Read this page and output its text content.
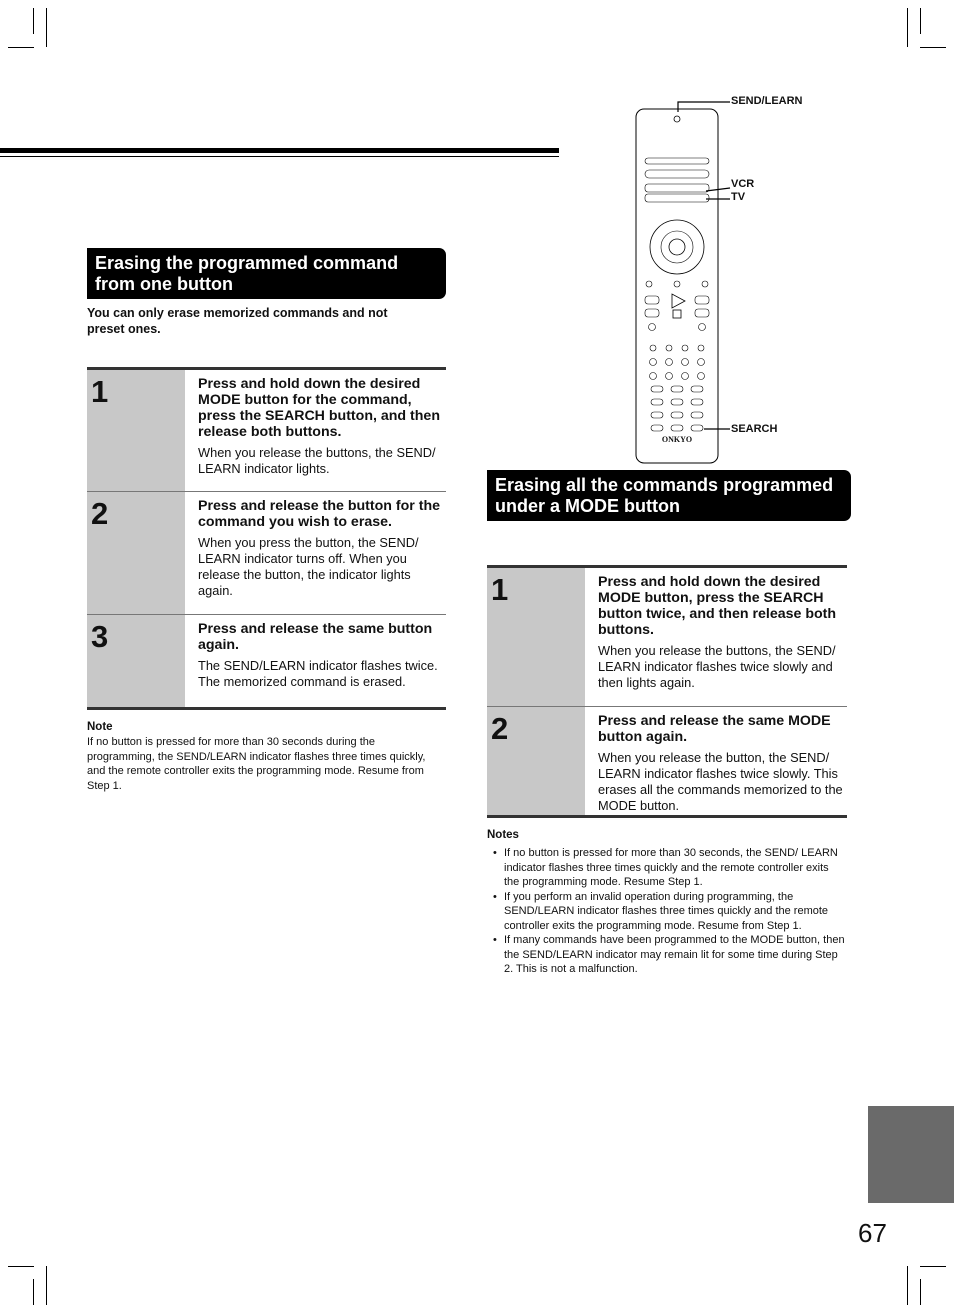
Erasing the programmed command from one button
You can only erase memorized commands and not preset ones.
1	Press and hold down the desired MODE button for the command, press the SEARCH button, and then release both buttons.
When you release the buttons, the SEND/ LEARN indicator lights.
2	Press and release the button for the command you wish to erase.
When you press the button, the SEND/ LEARN indicator turns off. When you release the button, the indicator lights again.
3	Press and release the same button again.
The SEND/LEARN indicator flashes twice. The memorized command is erased.
Note
If no button is pressed for more than 30 seconds during the programming, the SEND/LEARN indicator flashes three times quickly, and the remote controller exits the programming mode. Resume from Step 1.
ONKYO
SEND/LEARN
VCR
TV
SEARCH
Erasing all the commands programmed under a MODE button
1	Press and hold down the desired MODE button, press the SEARCH button twice, and then release both buttons.
When you release the buttons, the SEND/ LEARN indicator flashes twice slowly and then lights again.
2	Press and release the same MODE button again.
When you release the button, the SEND/ LEARN indicator flashes twice slowly. This erases all the commands memorized to the MODE button.
Notes
• If no button is pressed for more than 30 seconds, the SEND/ LEARN indicator flashes three times quickly and the remote controller exits the programming mode. Resume Step 1.
• If you perform an invalid operation during programming, the SEND/LEARN indicator flashes three times quickly and the remote controller exits the programming mode. Resume from Step 1.
• If many commands have been programmed to the MODE button, then the SEND/LEARN indicator may remain lit for some time during Step 2. This is not a malfunction.
67
